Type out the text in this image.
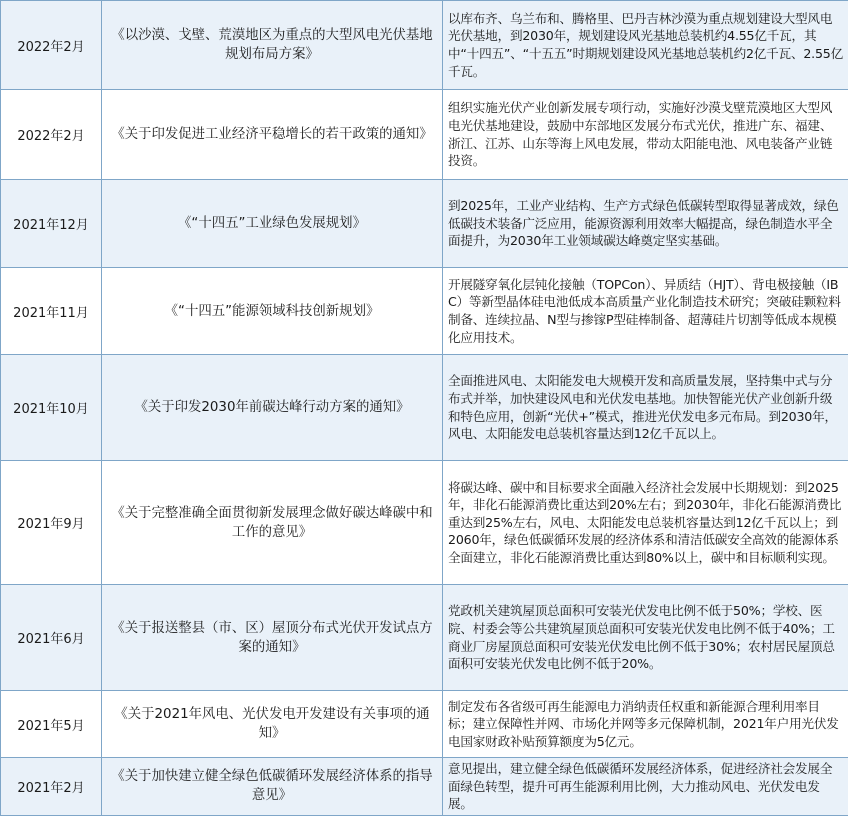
2022年2月	《以沙漠、戈壁、荒漠地区为重点的大型风电光伏基地规划布局方案》	以库布齐、乌兰布和、腾格里、巴丹吉林沙漠为重点规划建设大型风电光伏基地，到2030年，规划建设风光基地总装机约4.55亿千瓦，其中“十四五”、“十五五”时期规划建设风光基地总装机约2亿千瓦、2.55亿千瓦。
2022年2月	《关于印发促进工业经济平稳增长的若干政策的通知》	组织实施光伏产业创新发展专项行动，实施好沙漠戈壁荒漠地区大型风电光伏基地建设，鼓励中东部地区发展分布式光伏，推进广东、福建、浙江、江苏、山东等海上风电发展，带动太阳能电池、风电装备产业链投资。
2021年12月	《“十四五”工业绿色发展规划》	到2025年，工业产业结构、生产方式绿色低碳转型取得显著成效，绿色低碳技术装备广泛应用，能源资源利用效率大幅提高，绿色制造水平全面提升，为2030年工业领域碳达峰奠定坚实基础。
2021年11月	《“十四五”能源领域科技创新规划》	开展隧穿氧化层钝化接触（TOPCon）、异质结（HJT）、背电极接触（IBC）等新型晶体硅电池低成本高质量产业化制造技术研究；突破硅颗粒料制备、连续拉晶、N型与掺镓P型硅棒制备、超薄硅片切割等低成本规模化应用技术。
2021年10月	《关于印发2030年前碳达峰行动方案的通知》	全面推进风电、太阳能发电大规模开发和高质量发展，坚持集中式与分布式并举，加快建设风电和光伏发电基地。加快智能光伏产业创新升级和特色应用，创新“光伏+”模式，推进光伏发电多元布局。到2030年，风电、太阳能发电总装机容量达到12亿千瓦以上。
2021年9月	《关于完整准确全面贯彻新发展理念做好碳达峰碳中和工作的意见》	将碳达峰、碳中和目标要求全面融入经济社会发展中长期规划：到2025年，非化石能源消费比重达到20%左右；到2030年，非化石能源消费比重达到25%左右，风电、太阳能发电总装机容量达到12亿千瓦以上；到2060年，绿色低碳循环发展的经济体系和清洁低碳安全高效的能源体系全面建立，非化石能源消费比重达到80%以上，碳中和目标顺利实现。
2021年6月	《关于报送整县（市、区）屋顶分布式光伏开发试点方案的通知》	党政机关建筑屋顶总面积可安装光伏发电比例不低于50%；学校、医院、村委会等公共建筑屋顶总面积可安装光伏发电比例不低于40%；工商业厂房屋顶总面积可安装光伏发电比例不低于30%；农村居民屋顶总面积可安装光伏发电比例不低于20%。
2021年5月	《关于2021年风电、光伏发电开发建设有关事项的通知》	制定发布各省级可再生能源电力消纳责任权重和新能源合理利用率目标；建立保障性并网、市场化并网等多元保障机制，2021年户用光伏发电国家财政补贴预算额度为5亿元。
2021年2月	《关于加快建立健全绿色低碳循环发展经济体系的指导意见》	意见提出，建立健全绿色低碳循环发展经济体系，促进经济社会发展全面绿色转型，提升可再生能源利用比例，大力推动风电、光伏发电发展。
